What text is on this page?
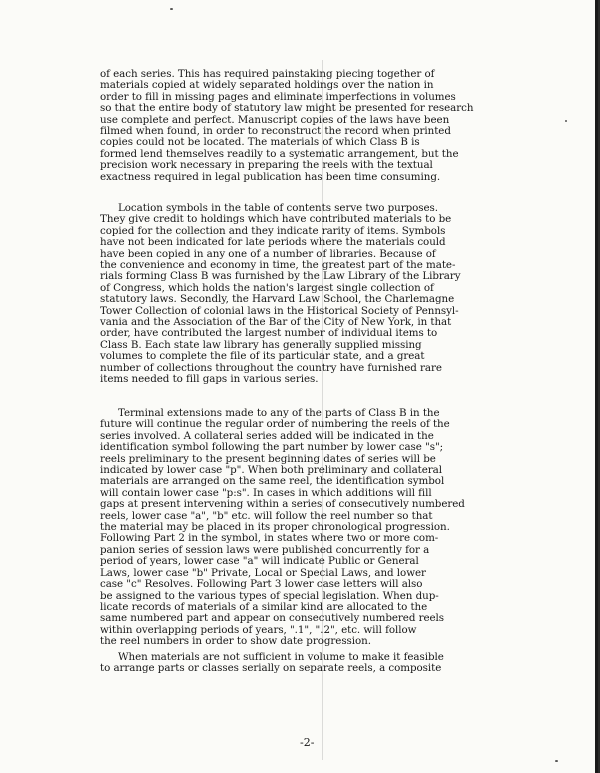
of each series. This has required painstaking piecing together of
materials copied at widely separated holdings over the nation in
order to fill in missing pages and eliminate imperfections in volumes
so that the entire body of statutory law might be presented for research
use complete and perfect. Manuscript copies of the laws have been
filmed when found, in order to reconstruct the record when printed
copies could not be located. The materials of which Class B is
formed lend themselves readily to a systematic arrangement, but the
precision work necessary in preparing the reels with the textual
exactness required in legal publication has been time consuming.
Location symbols in the table of contents serve two purposes.
They give credit to holdings which have contributed materials to be
copied for the collection and they indicate rarity of items. Symbols
have not been indicated for late periods where the materials could
have been copied in any one of a number of libraries. Because of
the convenience and economy in time, the greatest part of the mate-
rials forming Class B was furnished by the Law Library of the Library
of Congress, which holds the nation's largest single collection of
statutory laws. Secondly, the Harvard Law School, the Charlemagne
Tower Collection of colonial laws in the Historical Society of Pennsyl-
vania and the Association of the Bar of the City of New York, in that
order, have contributed the largest number of individual items to
Class B. Each state law library has generally supplied missing
volumes to complete the file of its particular state, and a great
number of collections throughout the country have furnished rare
items needed to fill gaps in various series.
Terminal extensions made to any of the parts of Class B in the
future will continue the regular order of numbering the reels of the
series involved. A collateral series added will be indicated in the
identification symbol following the part number by lower case "s";
reels preliminary to the present beginning dates of series will be
indicated by lower case "p". When both preliminary and collateral
materials are arranged on the same reel, the identification symbol
will contain lower case "p:s". In cases in which additions will fill
gaps at present intervening within a series of consecutively numbered
reels, lower case "a", "b" etc. will follow the reel number so that
the material may be placed in its proper chronological progression.
Following Part 2 in the symbol, in states where two or more com-
panion series of session laws were published concurrently for a
period of years, lower case "a" will indicate Public or General
Laws, lower case "b" Private, Local or Special Laws, and lower
case "c" Resolves. Following Part 3 lower case letters will also
be assigned to the various types of special legislation. When dup-
licate records of materials of a similar kind are allocated to the
same numbered part and appear on consecutively numbered reels
within overlapping periods of years, ".1", ".2", etc. will follow
the reel numbers in order to show date progression.
When materials are not sufficient in volume to make it feasible
to arrange parts or classes serially on separate reels, a composite
-2-
